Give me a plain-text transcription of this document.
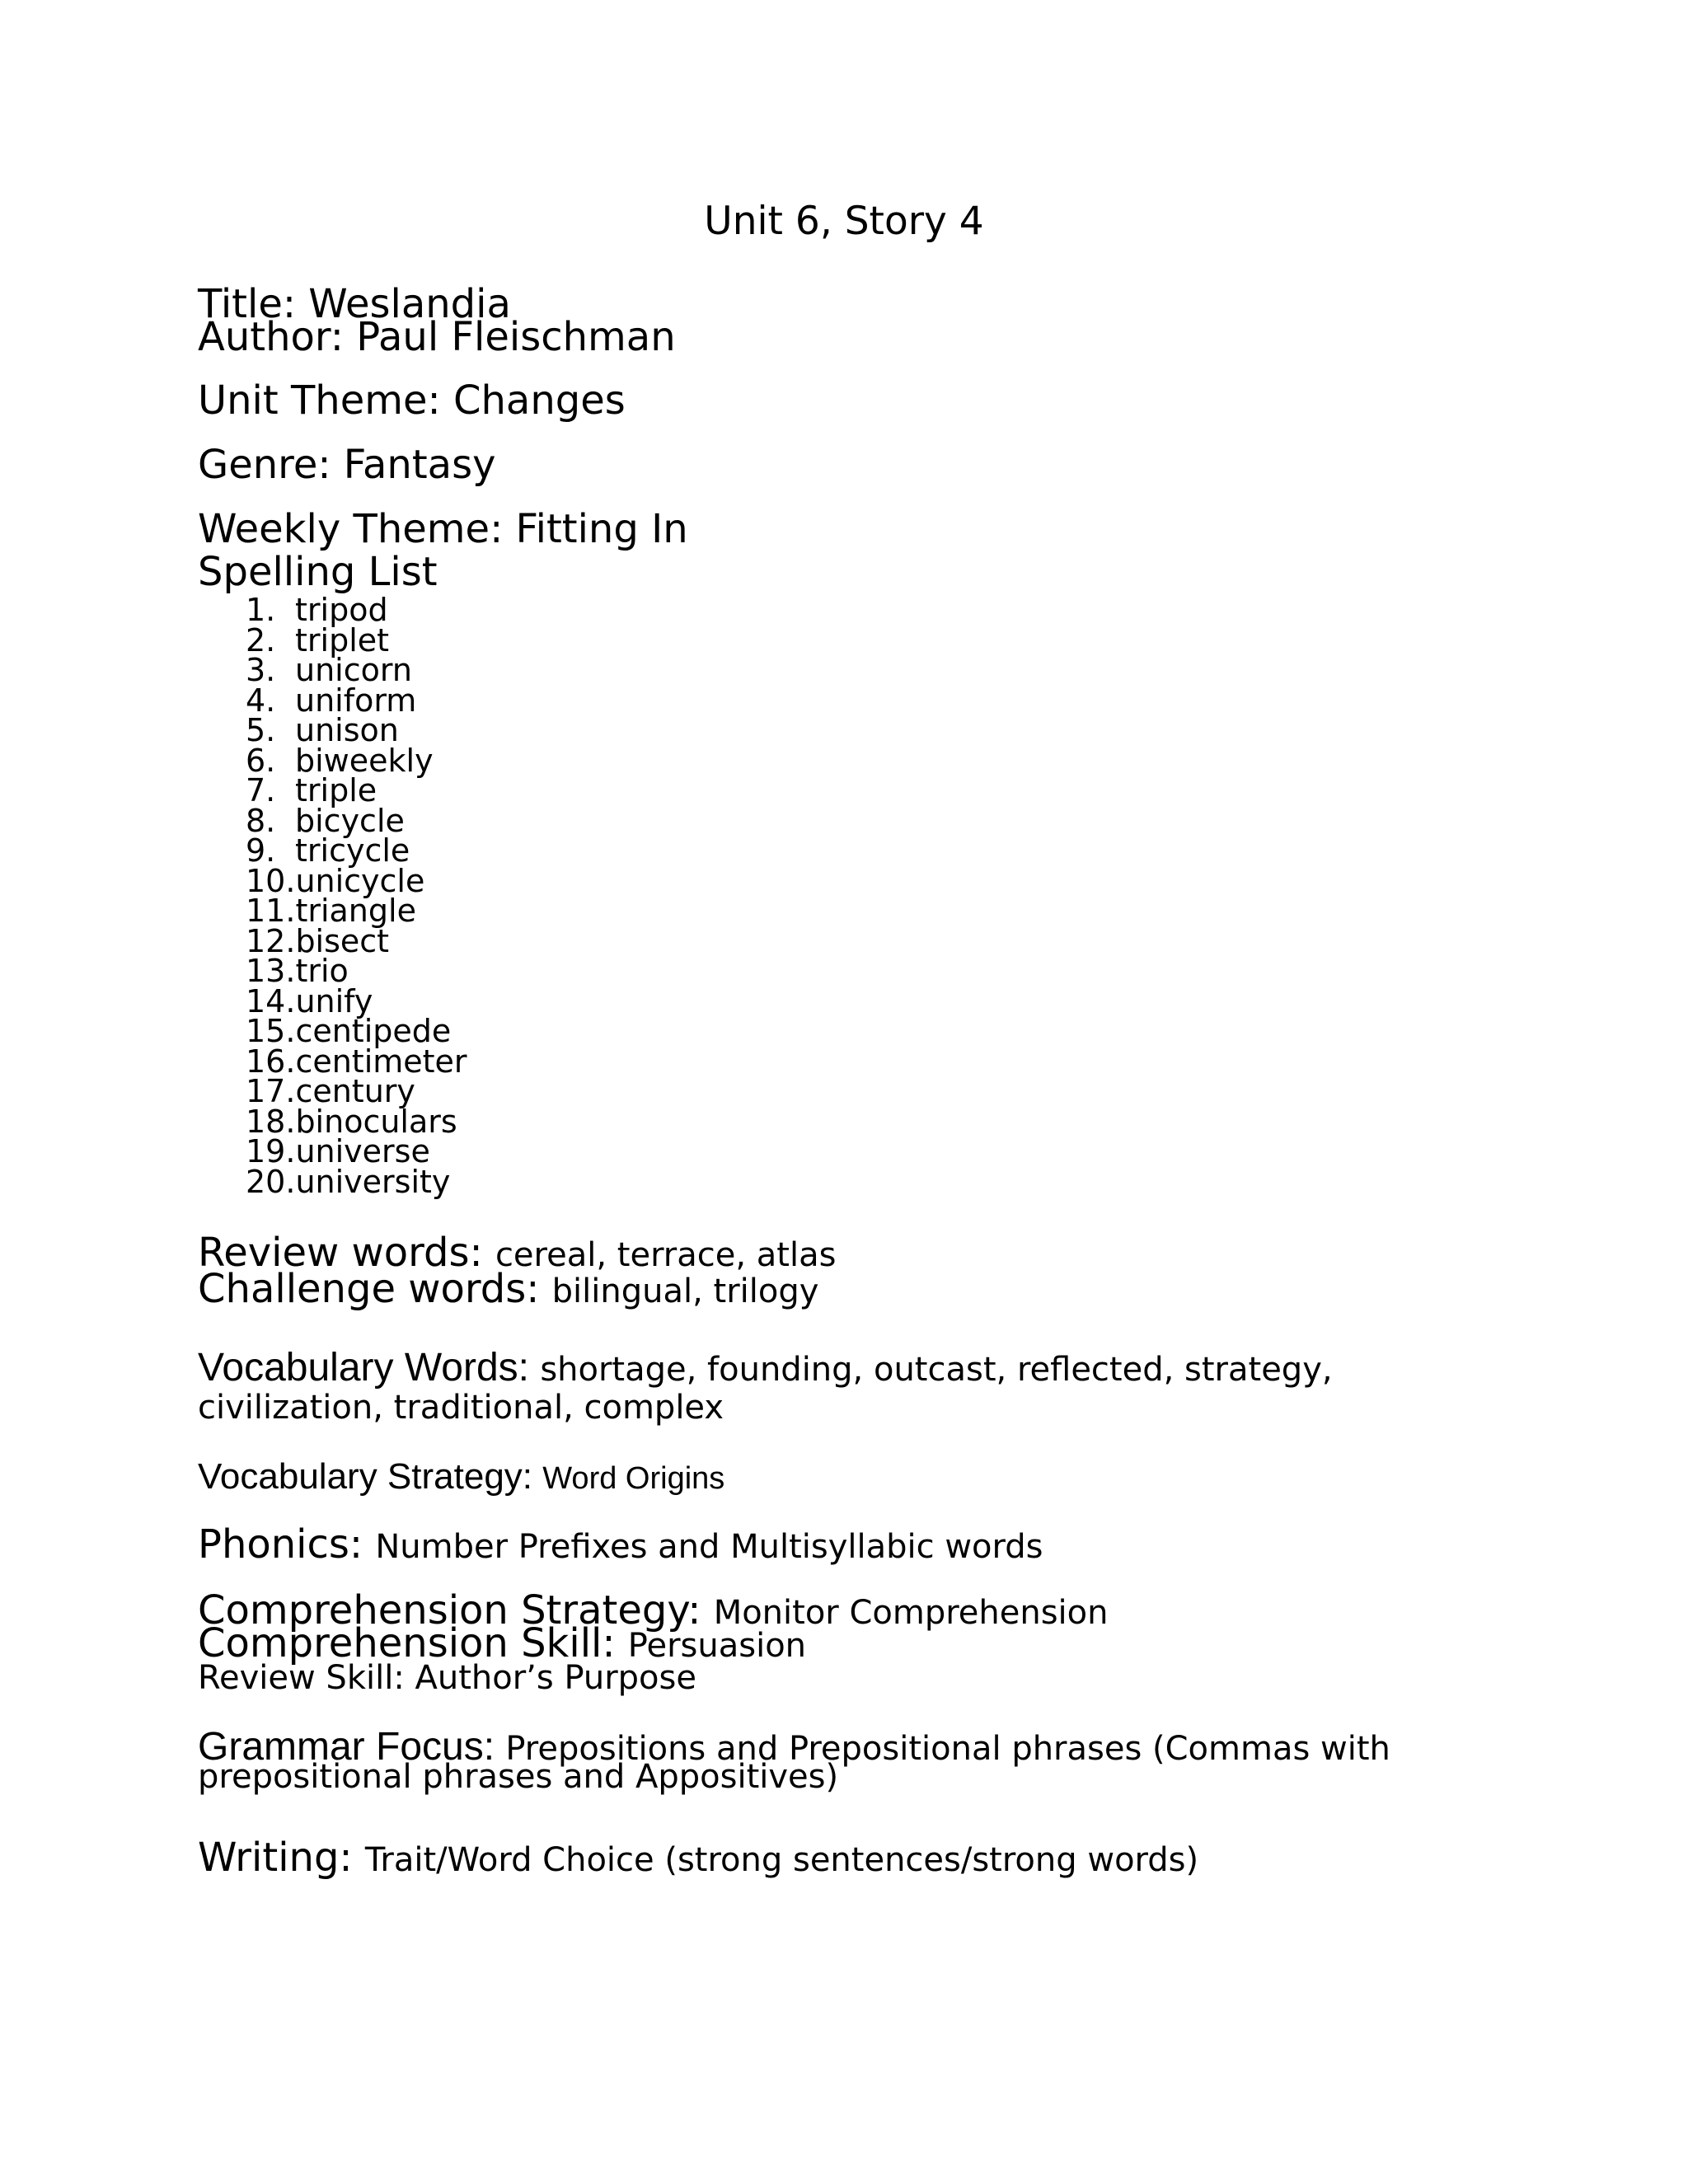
Unit 6, Story 4
Title: Weslandia
Author: Paul Fleischman
Unit Theme: Changes
Genre: Fantasy
Weekly Theme: Fitting In
Spelling List
1. tripod
2. triplet
3. unicorn
4. uniform
5. unison
6. biweekly
7. triple
8. bicycle
9. tricycle
10.unicycle
11.triangle
12.bisect
13.trio
14.unify
15.centipede
16.centimeter
17.century
18.binoculars
19.universe
20.university
Review words: cereal, terrace, atlas
Challenge words: bilingual, trilogy
Vocabulary Words: shortage, founding, outcast, reflected, strategy,
civilization, traditional, complex
Vocabulary Strategy: Word Origins
Phonics: Number Prefixes and Multisyllabic words
Comprehension Strategy: Monitor Comprehension
Comprehension Skill: Persuasion
Review Skill: Author’s Purpose
Grammar Focus: Prepositions and Prepositional phrases (Commas with
prepositional phrases and Appositives)
Writing: Trait/Word Choice (strong sentences/strong words)
